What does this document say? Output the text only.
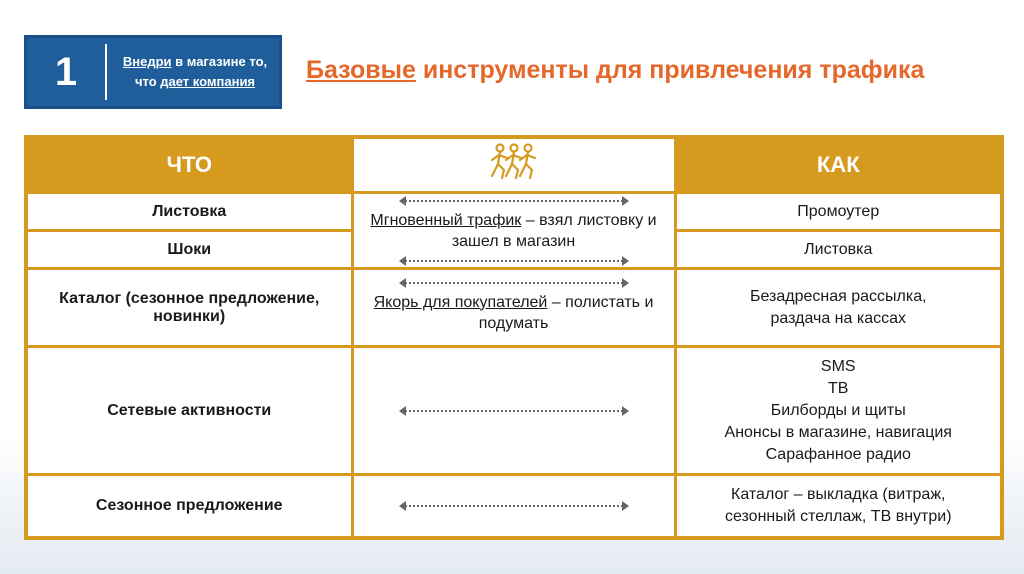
1	Внедри в магазине то,
что дает компания	Базовые инструменты для привлечения трафика
ЧТО		КАК
Листовка	Мгновенный трафик – взял листовку и зашел в магазин	Промоутер
Шоки		Листовка
Каталог (сезонное предложение, новинки)	Якорь для покупателей – полистать и подумать	Безадресная рассылка,
раздача на кассах
Сетевые активности		SMS
ТВ
Билборды и щиты
Анонсы в магазине, навигация
Сарафанное радио
Сезонное предложение		Каталог – выкладка (витраж,
сезонный стеллаж, ТВ внутри)
